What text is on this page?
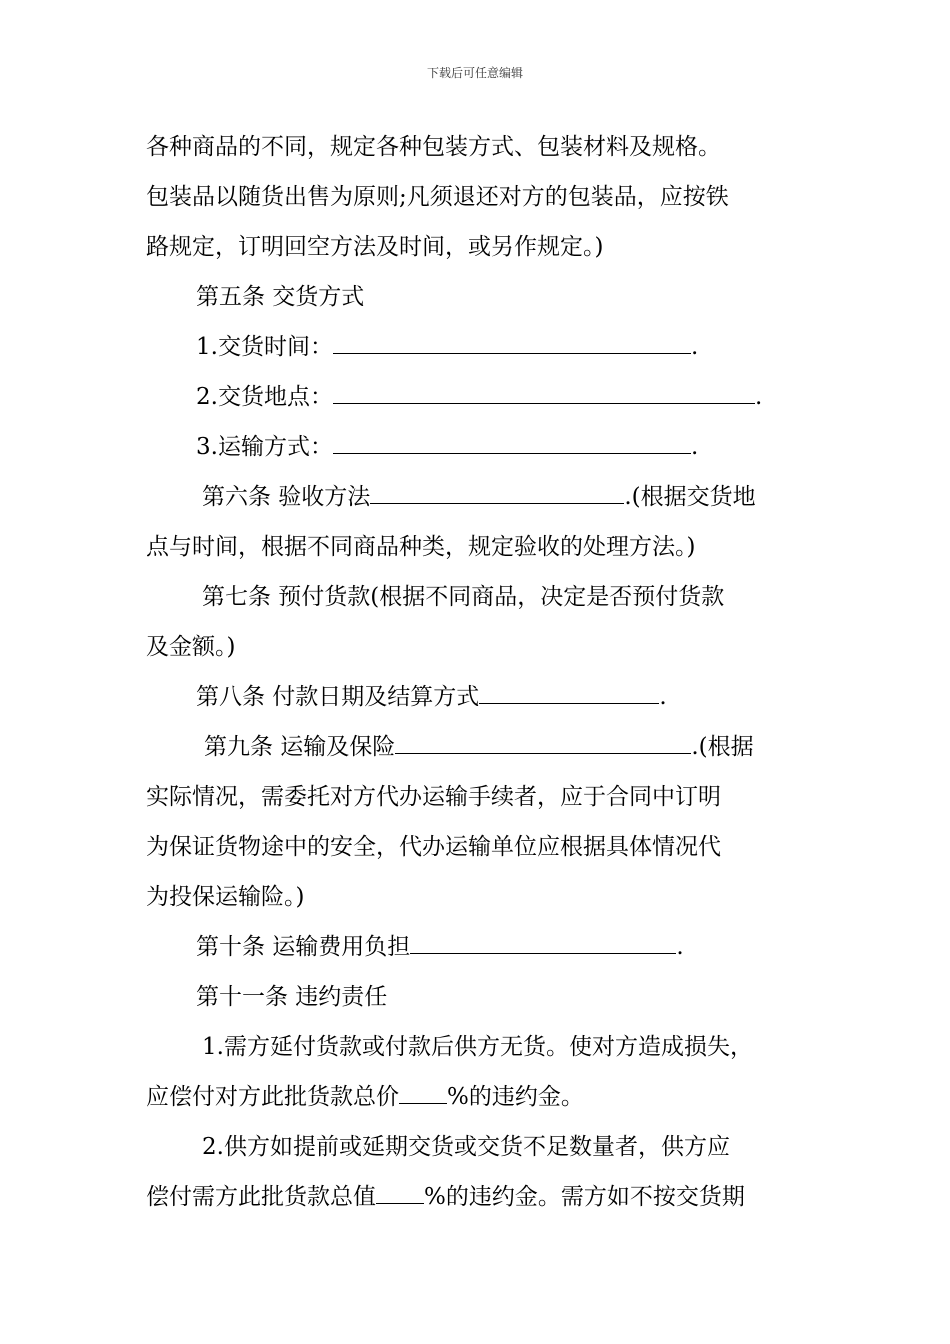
下载后可任意编辑
各种商品的不同，规定各种包装方式、包装材料及规格。
包装品以随货出售为原则;凡须退还对方的包装品，应按铁
路规定，订明回空方法及时间，或另作规定。)
第五条 交货方式
1.交货时间：	.
2.交货地点：	.
3.运输方式：	.
第六条 验收方法	.(根据交货地
点与时间，根据不同商品种类，规定验收的处理方法。)
第七条 预付货款(根据不同商品，决定是否预付货款
及金额。)
第八条 付款日期及结算方式	.
第九条 运输及保险	.(根据
实际情况，需委托对方代办运输手续者，应于合同中订明
为保证货物途中的安全，代办运输单位应根据具体情况代
为投保运输险。)
第十条 运输费用负担	.
第十一条 违约责任
1.需方延付货款或付款后供方无货。使对方造成损失，
应偿付对方此批货款总价 %的违约金。
2.供方如提前或延期交货或交货不足数量者，供方应
偿付需方此批货款总值 %的违约金。需方如不按交货期
